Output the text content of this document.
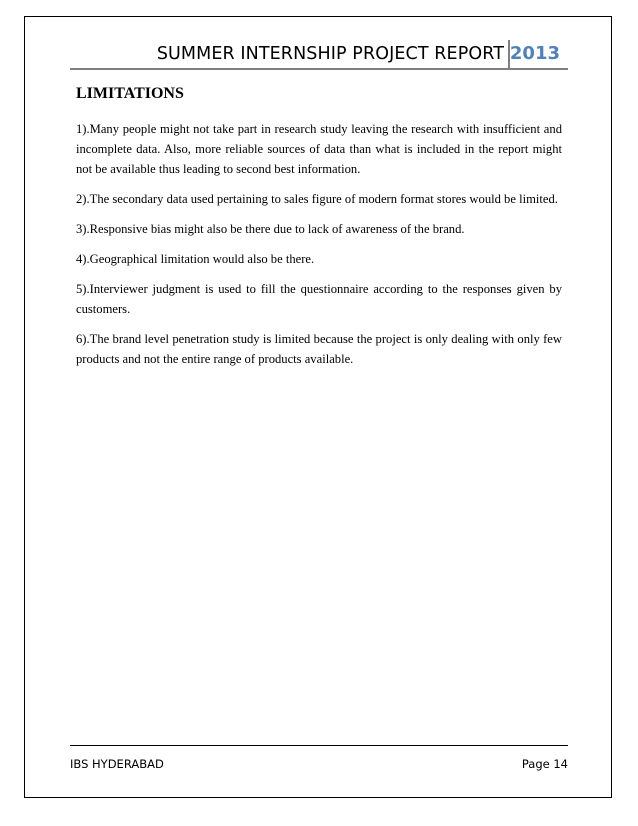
SUMMER INTERNSHIP PROJECT REPORT 2013
LIMITATIONS

1).Many people might not take part in research study leaving the research with insufficient and incomplete data. Also, more reliable sources of data than what is included in the report might not be available thus leading to second best information.

2).The secondary data used pertaining to sales figure of modern format stores would be limited.

3).Responsive bias might also be there due to lack of awareness of the brand.

4).Geographical limitation would also be there.

5).Interviewer judgment is used to fill the questionnaire according to the responses given by customers.

6).The brand level penetration study is limited because the project is only dealing with only few products and not the entire range of products available.

IBS HYDERABAD	Page 14
